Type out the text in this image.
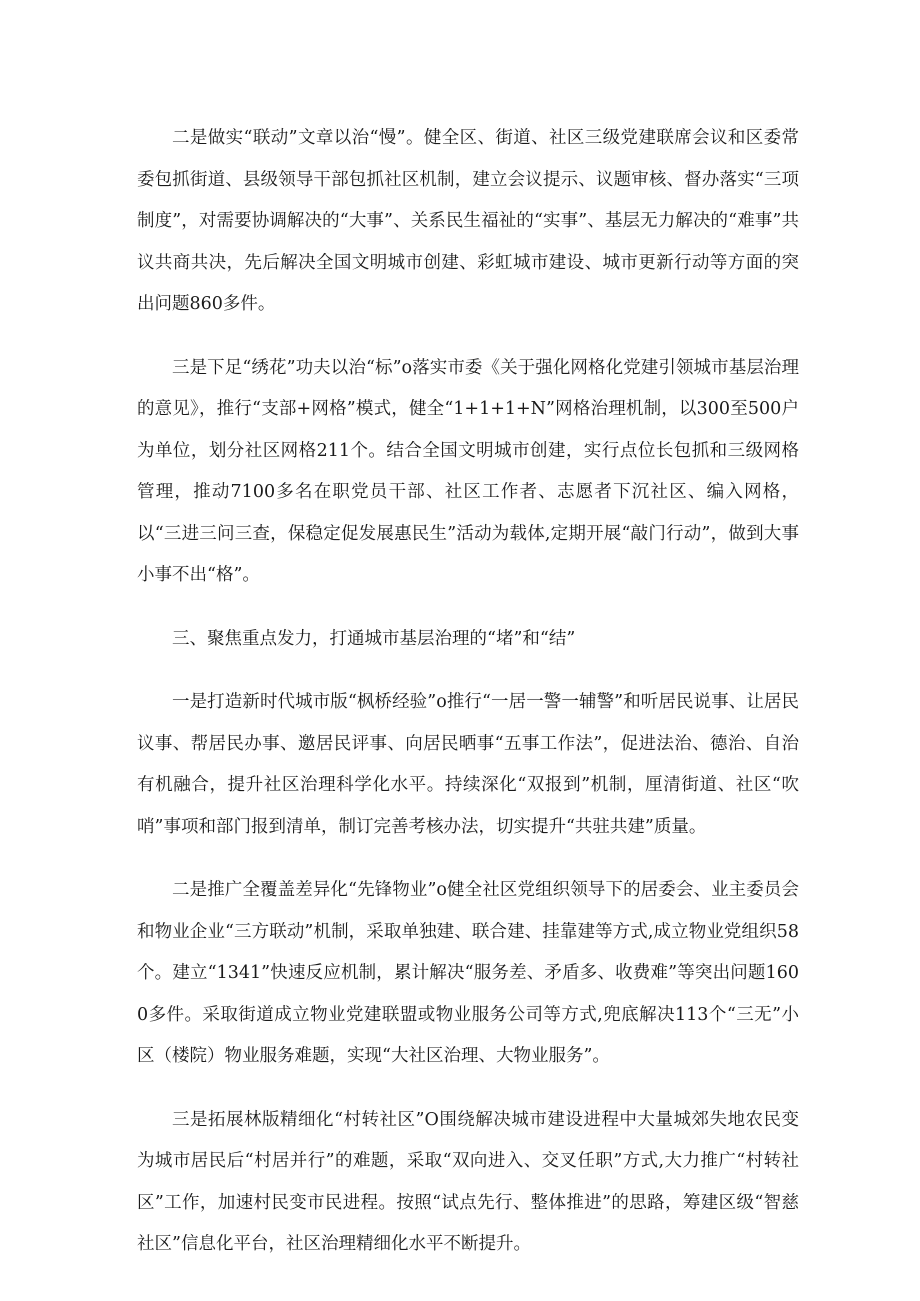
二是做实“联动”文章以治“慢”。健全区、街道、社区三级党建联席会议和区委常委包抓街道、县级领导干部包抓社区机制，建立会议提示、议题审核、督办落实“三项制度”，对需要协调解决的“大事”、关系民生福祉的“实事”、基层无力解决的“难事”共议共商共决，先后解决全国文明城市创建、彩虹城市建设、城市更新行动等方面的突出问题860多件。

三是下足“绣花”功夫以治“标”o落实市委《关于强化网格化党建引领城市基层治理的意见》，推行“支部+网格”模式，健全“1+1+1+N”网格治理机制，以300至500户为单位，划分社区网格211个。结合全国文明城市创建，实行点位长包抓和三级网格管理，推动7100多名在职党员干部、社区工作者、志愿者下沉社区、编入网格，以“三进三问三查，保稳定促发展惠民生”活动为载体,定期开展“敲门行动”，做到大事小事不出“格”。

三、聚焦重点发力，打通城市基层治理的“堵”和“结”

一是打造新时代城市版“枫桥经验”o推行“一居一警一辅警”和听居民说事、让居民议事、帮居民办事、邀居民评事、向居民晒事“五事工作法”，促进法治、德治、自治有机融合，提升社区治理科学化水平。持续深化“双报到”机制，厘清街道、社区“吹哨”事项和部门报到清单，制订完善考核办法，切实提升“共驻共建”质量。

二是推广全覆盖差异化“先锋物业”o健全社区党组织领导下的居委会、业主委员会和物业企业“三方联动”机制，采取单独建、联合建、挂靠建等方式,成立物业党组织58个。建立“1341”快速反应机制，累计解决“服务差、矛盾多、收费难”等突出问题1600多件。采取街道成立物业党建联盟或物业服务公司等方式,兜底解决113个“三无”小区（楼院）物业服务难题，实现“大社区治理、大物业服务”。

三是拓展林版精细化“村转社区”O围绕解决城市建设进程中大量城郊失地农民变为城市居民后“村居并行”的难题，采取“双向进入、交叉任职”方式,大力推广“村转社区”工作，加速村民变市民进程。按照“试点先行、整体推进”的思路，筹建区级“智慈社区”信息化平台，社区治理精细化水平不断提升。
